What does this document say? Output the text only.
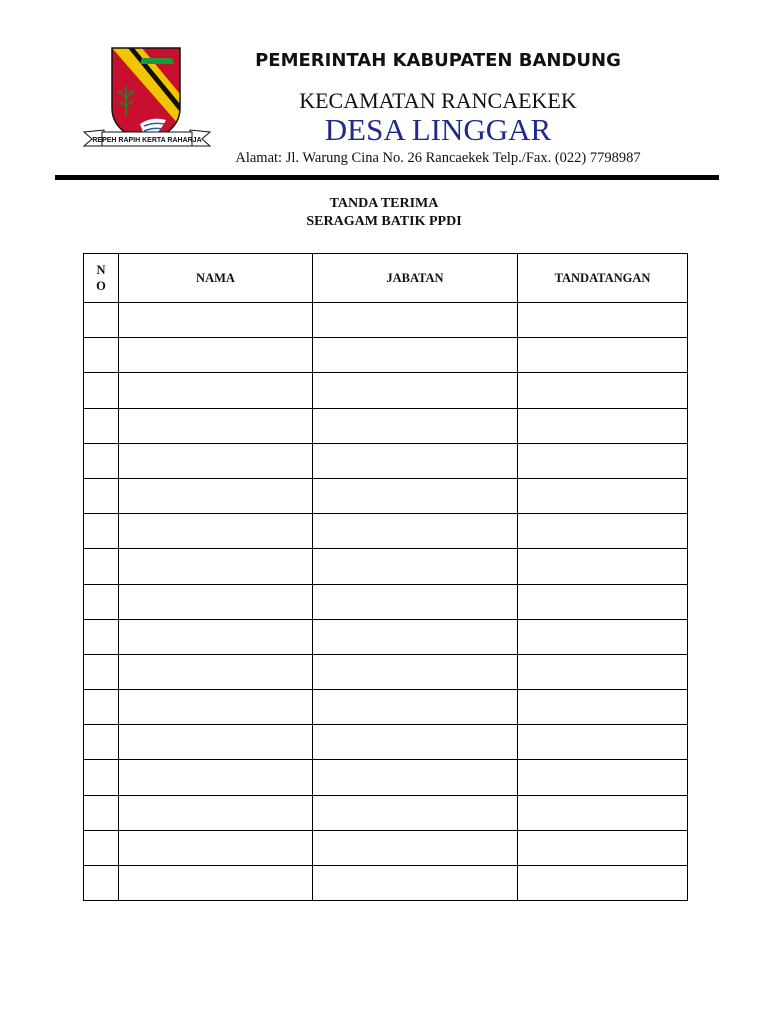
REPEH RAPIH KERTA RAHARJA
PEMERINTAH KABUPATEN BANDUNG
KECAMATAN RANCAEKEK
DESA LINGGAR
Alamat: Jl. Warung Cina No. 26 Rancaekek Telp./Fax. (022) 7798987
TANDA TERIMA
SERAGAM BATIK PPDI
N
O	NAMA	JABATAN	TANDATANGAN
